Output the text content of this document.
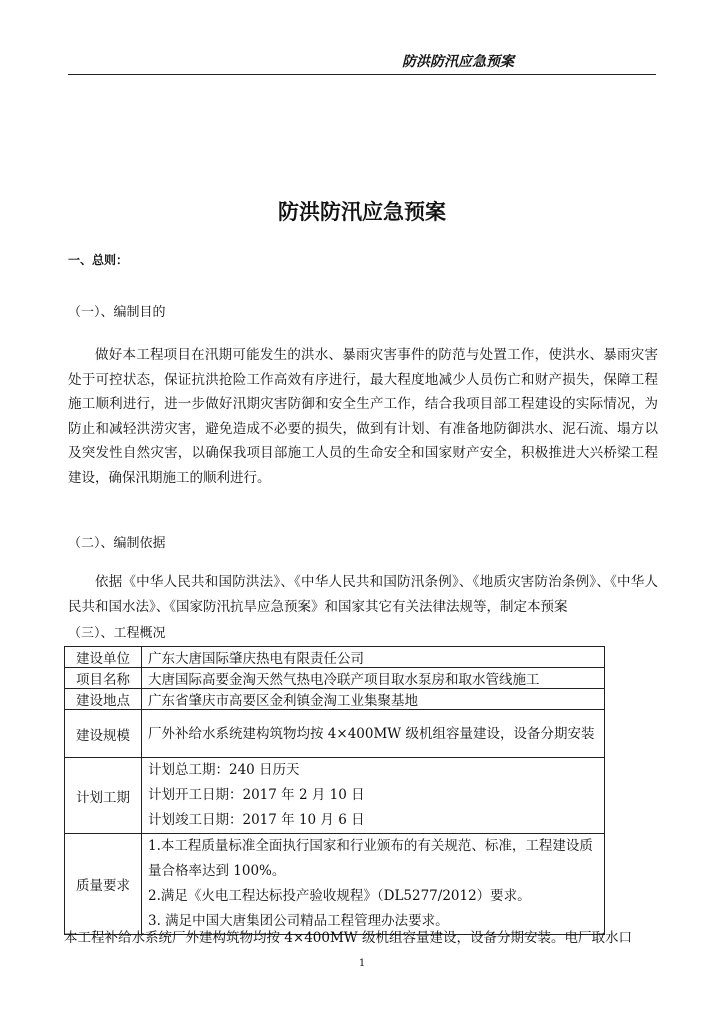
防洪防汛应急预案
防洪防汛应急预案
一、总则：
（一）、编制目的

做好本工程项目在汛期可能发生的洪水、暴雨灾害事件的防范与处置工作，使洪水、暴雨灾害处于可控状态，保证抗洪抢险工作高效有序进行，最大程度地减少人员伤亡和财产损失，保障工程施工顺利进行，进一步做好汛期灾害防御和安全生产工作，结合我项目部工程建设的实际情况，为防止和减轻洪涝灾害，避免造成不必要的损失，做到有计划、有准备地防御洪水、泥石流、塌方以及突发性自然灾害，以确保我项目部施工人员的生命安全和国家财产安全，积极推进大兴桥梁工程建设，确保汛期施工的顺利进行。

（二）、编制依据

依据《中华人民共和国防洪法》、《中华人民共和国防汛条例》、《地质灾害防治条例》、《中华人民共和国水法》、《国家防汛抗旱应急预案》和国家其它有关法律法规等，制定本预案

（三）、工程概况
建设单位	广东大唐国际肇庆热电有限责任公司
项目名称	大唐国际高要金淘天然气热电冷联产项目取水泵房和取水管线施工
建设地点	广东省肇庆市高要区金利镇金淘工业集聚基地
建设规模	厂外补给水系统建构筑物均按 4×400MW 级机组容量建设，设备分期安装
计划工期	计划总工期：240 日历天
计划开工日期：2017 年 2 月 10 日
计划竣工日期：2017 年 10 月 6 日

质量要求	1.本工程质量标准全面执行国家和行业颁布的有关规范、标准，工程建设质量合格率达到 100%。
2.满足《火电工程达标投产验收规程》（DL5277/2012）要求。
3. 满足中国大唐集团公司精品工程管理办法要求。
本工程补给水系统厂外建构筑物均按 4×400MW 级机组容量建设，设备分期安装。电厂取水口
1
